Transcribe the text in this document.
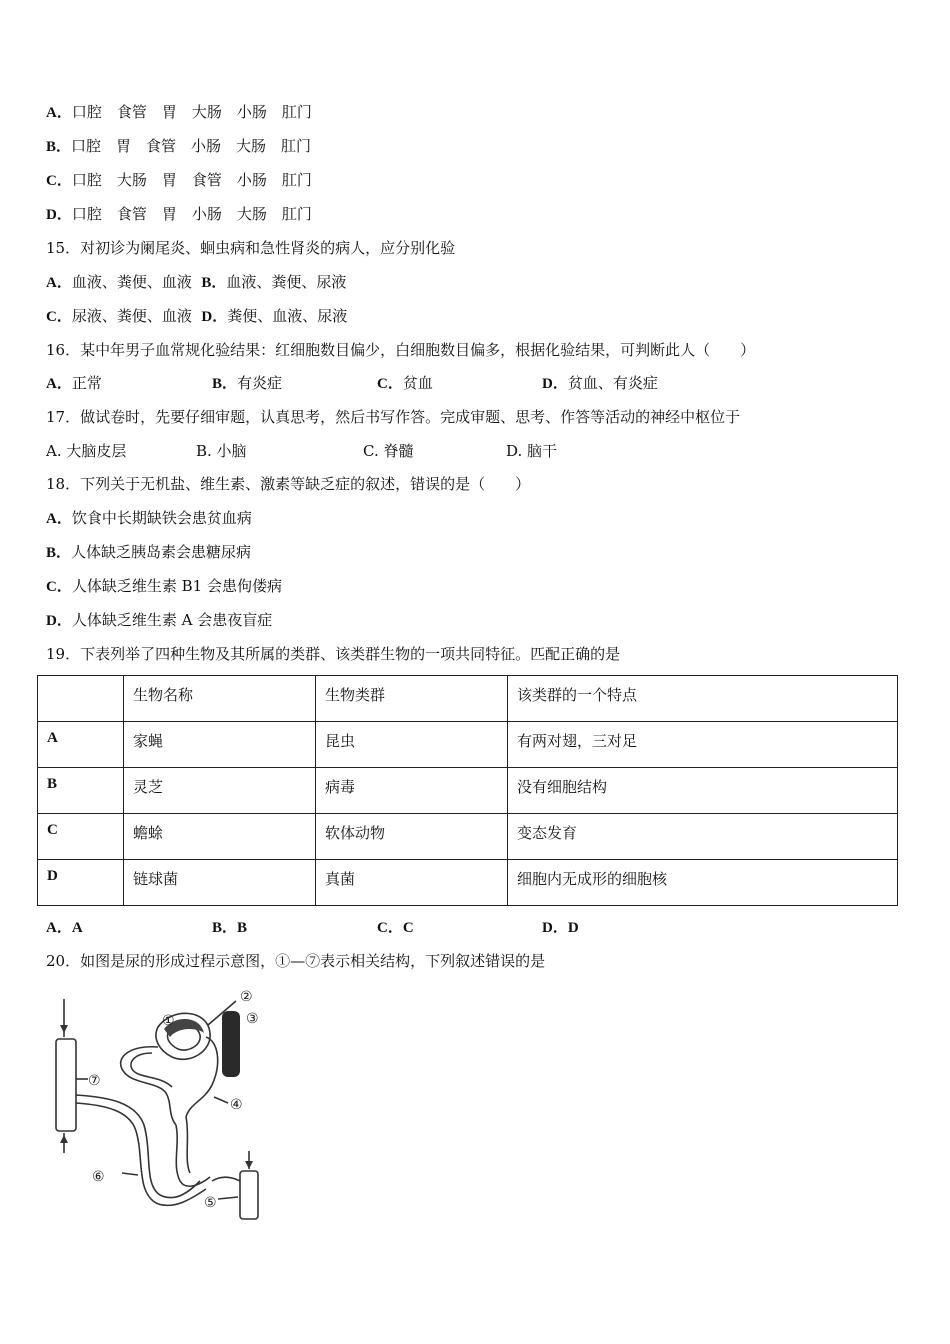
A．口腔　食管　胃　大肠　小肠　肛门
B．口腔　胃　食管　小肠　大肠　肛门
C．口腔　大肠　胃　食管　小肠　肛门
D．口腔　食管　胃　小肠　大肠　肛门
15．对初诊为阑尾炎、蛔虫病和急性肾炎的病人，应分别化验
A．血液、粪便、血液 B．血液、粪便、尿液
C．尿液、粪便、血液 D．粪便、血液、尿液
16．某中年男子血常规化验结果：红细胞数目偏少，白细胞数目偏多，根据化验结果，可判断此人（　　）
A．正常	B．有炎症	C．贫血	D．贫血、有炎症
17．做试卷时，先要仔细审题，认真思考，然后书写作答。完成审题、思考、作答等活动的神经中枢位于
A. 大脑皮层	B. 小脑	C. 脊髓	D. 脑干
18．下列关于无机盐、维生素、激素等缺乏症的叙述，错误的是（　　）
A．饮食中长期缺铁会患贫血病
B．人体缺乏胰岛素会患糖尿病
C．人体缺乏维生素 B1 会患佝偻病
D．人体缺乏维生素 A 会患夜盲症
19．下表列举了四种生物及其所属的类群、该类群生物的一项共同特征。匹配正确的是
	生物名称	生物类群	该类群的一个特点
A	家蝇	昆虫	有两对翅，三对足
B	灵芝	病毒	没有细胞结构
C	蟾蜍	软体动物	变态发育
D	链球菌	真菌	细胞内无成形的细胞核
A．A	B．B	C．C	D．D
20．如图是尿的形成过程示意图，①—⑦表示相关结构，下列叙述错误的是
①
②
③
④
⑤
⑥
⑦
